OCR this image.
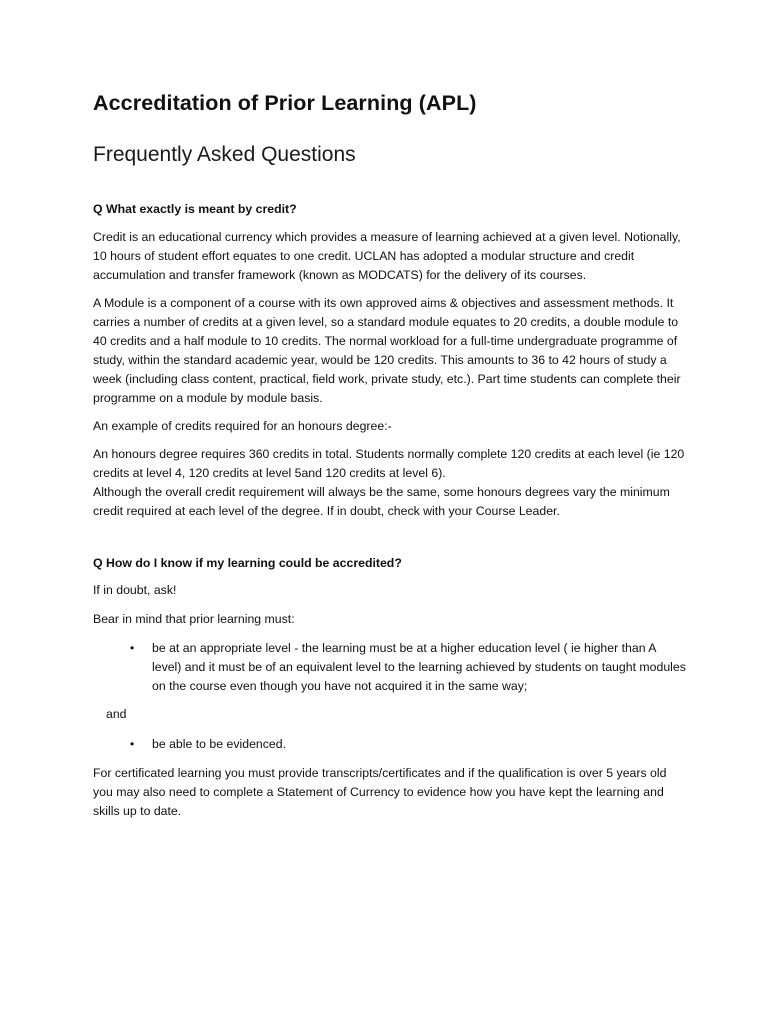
Accreditation of Prior Learning (APL)
Frequently Asked Questions
Q What exactly is meant by credit?

Credit is an educational currency which provides a measure of learning achieved at a given level. Notionally, 10 hours of student effort equates to one credit. UCLAN has adopted a modular structure and credit accumulation and transfer framework (known as MODCATS) for the delivery of its courses.

A Module is a component of a course with its own approved aims & objectives and assessment methods. It carries a number of credits at a given level, so a standard module equates to 20 credits, a double module to 40 credits and a half module to 10 credits. The normal workload for a full-time undergraduate programme of study, within the standard academic year, would be 120 credits. This amounts to 36 to 42 hours of study a week (including class content, practical, field work, private study, etc.). Part time students can complete their programme on a module by module basis.

An example of credits required for an honours degree:-

An honours degree requires 360 credits in total. Students normally complete 120 credits at each level (ie 120 credits at level 4, 120 credits at level 5and 120 credits at level 6).

Although the overall credit requirement will always be the same, some honours degrees vary the minimum credit required at each level of the degree. If in doubt, check with your Course Leader.

Q How do I know if my learning could be accredited?

If in doubt, ask!

Bear in mind that prior learning must:

• be at an appropriate level - the learning must be at a higher education level ( ie higher than A level) and it must be of an equivalent level to the learning achieved by students on taught modules on the course even though you have not acquired it in the same way;

and

• be able to be evidenced.

For certificated learning you must provide transcripts/certificates and if the qualification is over 5 years old you may also need to complete a Statement of Currency to evidence how you have kept the learning and skills up to date.
